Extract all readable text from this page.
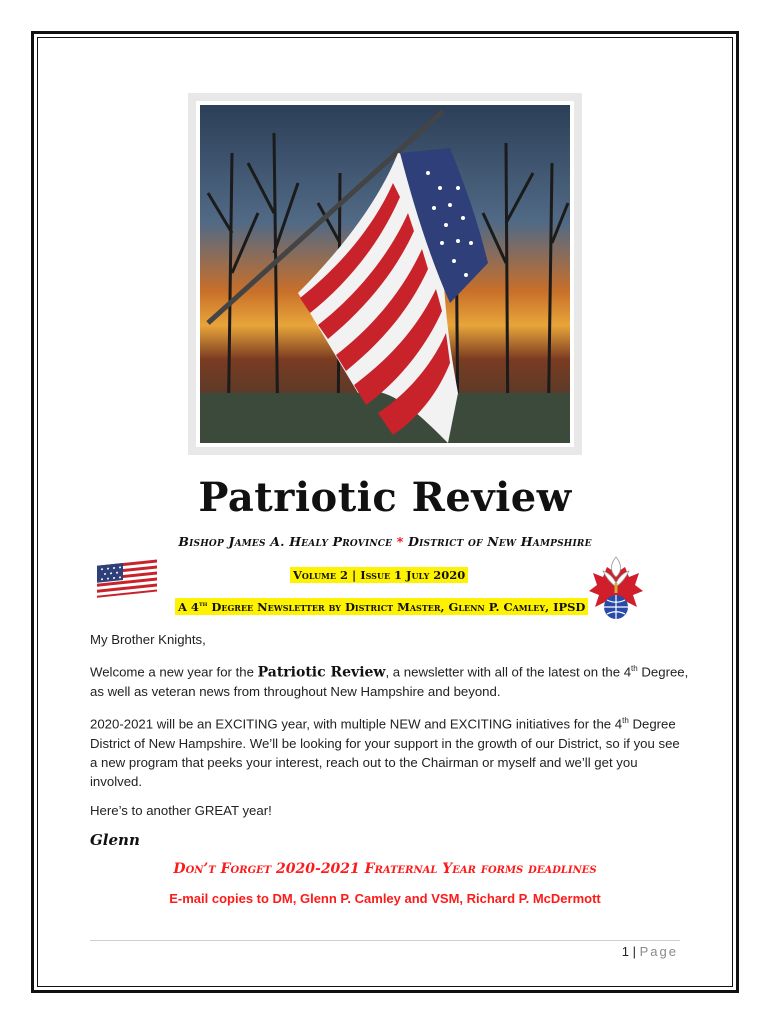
Patriotic Review
Bishop James A. Healy Province * District of New Hampshire
Volume 2 | Issue 1 July 2020
A 4th Degree Newsletter by District Master, Glenn P. Camley, IPSD

My Brother Knights,

Welcome a new year for the Patriotic Review, a newsletter with all of the latest on the 4th Degree, as well as veteran news from throughout New Hampshire and beyond.

2020-2021 will be an EXCITING year, with multiple NEW and EXCITING initiatives for the 4th Degree District of New Hampshire. We’ll be looking for your support in the growth of our District, so if you see a new program that peeks your interest, reach out to the Chairman or myself and we’ll get you involved.

Here’s to another GREAT year!

Glenn
Don’t Forget 2020-2021 Fraternal Year forms deadlines
E-mail copies to DM, Glenn P. Camley and VSM, Richard P. McDermott
1 | Page
